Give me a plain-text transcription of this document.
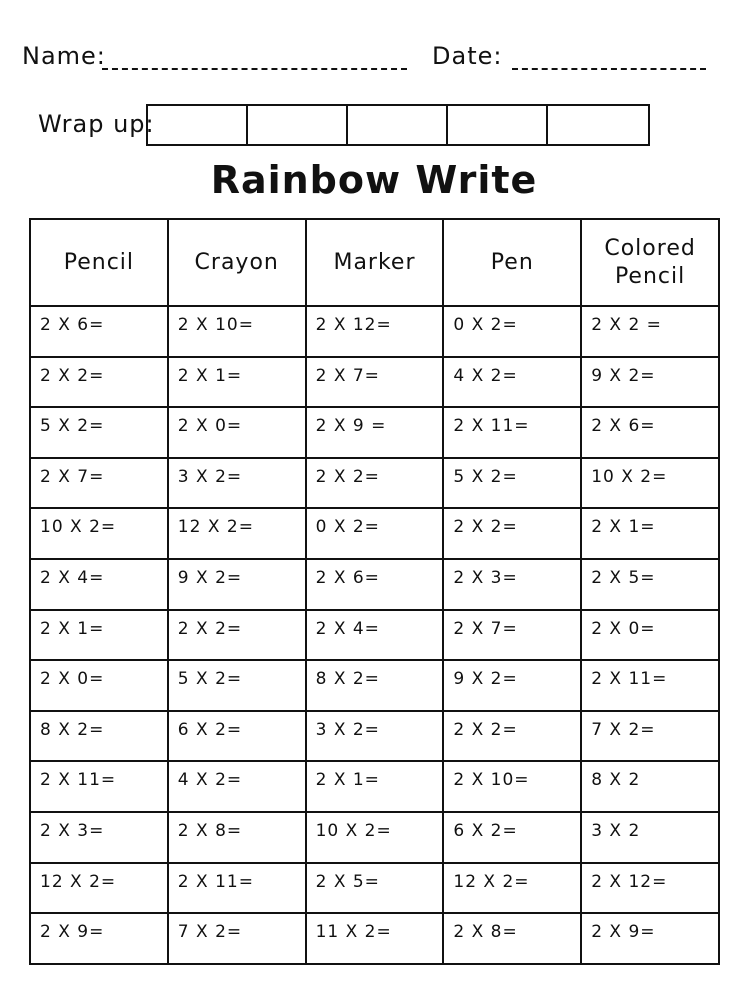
Name:	Date:
Wrap up:
Rainbow Write
Pencil	Crayon	Marker	Pen	Colored Pencil
2 X 6=	2 X 10=	2 X 12=	0 X 2=	2 X 2 =
2 X 2=	2 X 1=	2 X 7=	4 X 2=	9 X 2=
5 X 2=	2 X 0=	2 X 9 =	2 X 11=	2 X 6=
2 X 7=	3 X 2=	2 X 2=	5 X 2=	10 X 2=
10 X 2=	12 X 2=	0 X 2=	2 X 2=	2 X 1=
2 X 4=	9 X 2=	2 X 6=	2 X 3=	2 X 5=
2 X 1=	2 X 2=	2 X 4=	2 X 7=	2 X 0=
2 X 0=	5 X 2=	8 X 2=	9 X 2=	2 X 11=
8 X 2=	6 X 2=	3 X 2=	2 X 2=	7 X 2=
2 X 11=	4 X 2=	2 X 1=	2 X 10=	8 X 2
2 X 3=	2 X 8=	10 X 2=	6 X 2=	3 X 2
12 X 2=	2 X 11=	2 X 5=	12 X 2=	2 X 12=
2 X 9=	7 X 2=	11 X 2=	2 X 8=	2 X 9=
